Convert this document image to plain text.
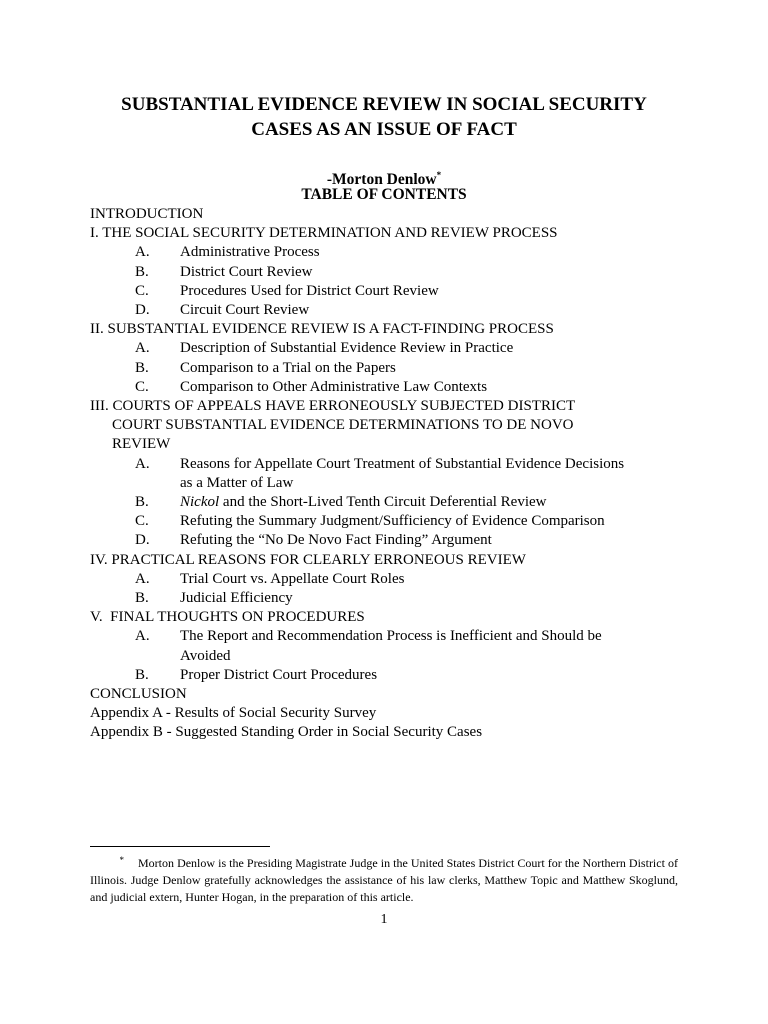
SUBSTANTIAL EVIDENCE REVIEW IN SOCIAL SECURITY
CASES AS AN ISSUE OF FACT
-Morton Denlow*
TABLE OF CONTENTS
INTRODUCTION
I. THE SOCIAL SECURITY DETERMINATION AND REVIEW PROCESS
A. Administrative Process
B. District Court Review
C. Procedures Used for District Court Review
D. Circuit Court Review
II. SUBSTANTIAL EVIDENCE REVIEW IS A FACT-FINDING PROCESS
A. Description of Substantial Evidence Review in Practice
B. Comparison to a Trial on the Papers
C. Comparison to Other Administrative Law Contexts
III. COURTS OF APPEALS HAVE ERRONEOUSLY SUBJECTED DISTRICT
COURT SUBSTANTIAL EVIDENCE DETERMINATIONS TO DE NOVO
REVIEW
A. Reasons for Appellate Court Treatment of Substantial Evidence Decisions
as a Matter of Law
B. Nickol and the Short-Lived Tenth Circuit Deferential Review
C. Refuting the Summary Judgment/Sufficiency of Evidence Comparison
D. Refuting the “No De Novo Fact Finding” Argument
IV. PRACTICAL REASONS FOR CLEARLY ERRONEOUS REVIEW
A. Trial Court vs. Appellate Court Roles
B. Judicial Efficiency
V.  FINAL THOUGHTS ON PROCEDURES
A. The Report and Recommendation Process is Inefficient and Should be
Avoided
B. Proper District Court Procedures
CONCLUSION
Appendix A - Results of Social Security Survey
Appendix B - Suggested Standing Order in Social Security Cases
* Morton Denlow is the Presiding Magistrate Judge in the United States District Court for the Northern District of Illinois. Judge Denlow gratefully acknowledges the assistance of his law clerks, Matthew Topic and Matthew Skoglund, and judicial extern, Hunter Hogan, in the preparation of this article.
1
